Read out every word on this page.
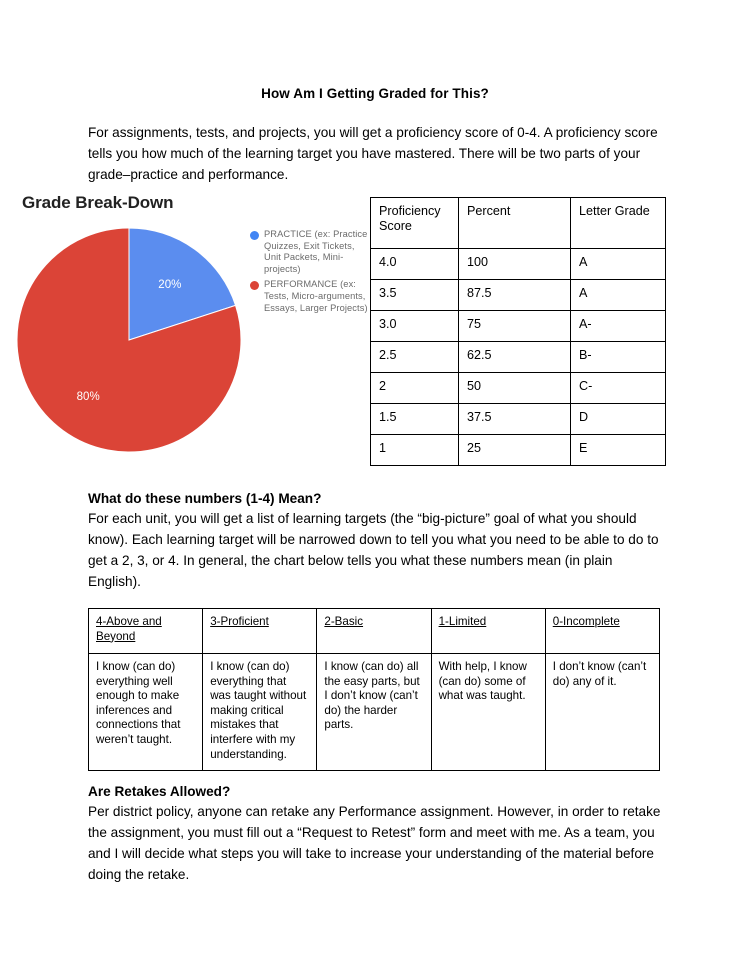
How Am I Getting Graded for This?
For assignments, tests, and projects, you will get a proficiency score of 0-4. A proficiency score tells you how much of the learning target you have mastered. There will be two parts of your grade–practice and performance.
Grade Break-Down
20%
80%
PRACTICE (ex: Practice Quizzes, Exit Tickets, Unit Packets, Mini-projects)
PERFORMANCE (ex: Tests, Micro-arguments, Essays, Larger Projects)
Proficiency Score	Percent	Letter Grade
4.0	100	A
3.5	87.5	A
3.0	75	A-
2.5	62.5	B-
2	50	C-
1.5	37.5	D
1	25	E
What do these numbers (1-4) Mean?
For each unit, you will get a list of learning targets (the “big-picture” goal of what you should know). Each learning target will be narrowed down to tell you what you need to be able to do to get a 2, 3, or 4. In general, the chart below tells you what these numbers mean (in plain English).
4-Above and Beyond	3-Proficient	2-Basic	1-Limited	0-Incomplete
I know (can do) everything well enough to make inferences and connections that weren’t taught.	I know (can do) everything that was taught without making critical mistakes that interfere with my understanding.	I know (can do) all the easy parts, but I don’t know (can’t do) the harder parts.	With help, I know (can do) some of what was taught.	I don’t know (can’t do) any of it.
Are Retakes Allowed?
Per district policy, anyone can retake any Performance assignment. However, in order to retake the assignment, you must fill out a “Request to Retest” form and meet with me. As a team, you and I will decide what steps you will take to increase your understanding of the material before doing the retake.
